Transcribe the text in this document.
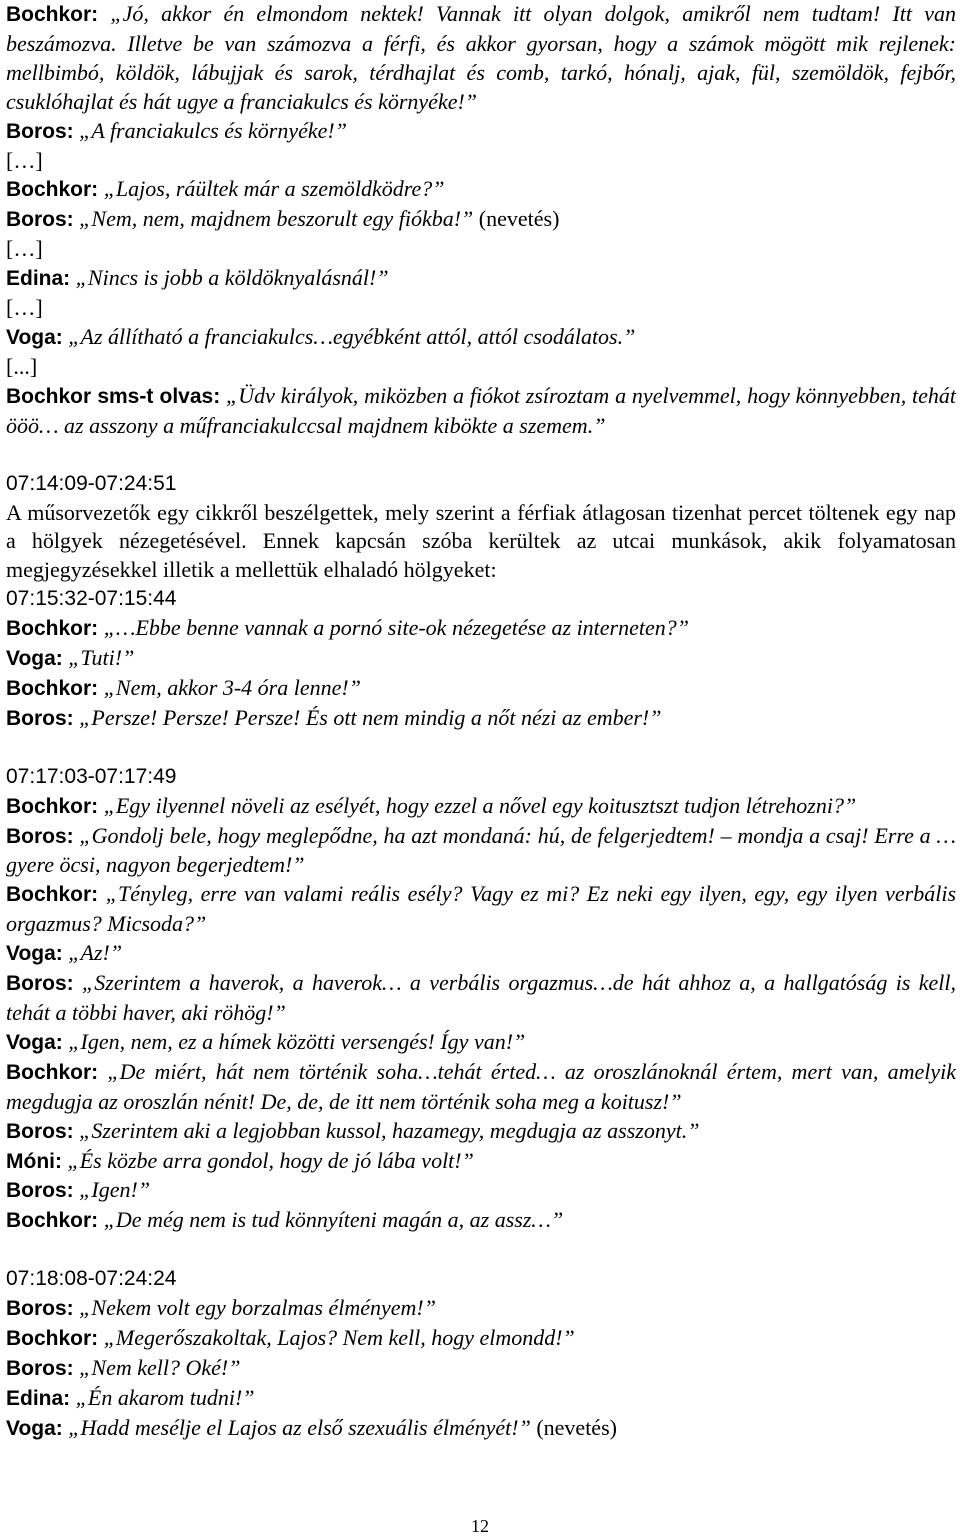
Bochkor: „Jó, akkor én elmondom nektek! Vannak itt olyan dolgok, amikről nem tudtam! Itt van beszámozva. Illetve be van számozva a férfi, és akkor gyorsan, hogy a számok mögött mik rejlenek: mellbimbó, köldök, lábujjak és sarok, térdhajlat és comb, tarkó, hónalj, ajak, fül, szemöldök, fejbőr, csuklóhajlat és hát ugye a franciakulcs és környéke!”
Boros: „A franciakulcs és környéke!”
[…]
Bochkor: „Lajos, ráültek már a szemöldködre?”
Boros: „Nem, nem, majdnem beszorult egy fiókba!” (nevetés)
[…]
Edina: „Nincs is jobb a köldöknyalásnál!”
[…]
Voga: „Az állítható a franciakulcs…egyébként attól, attól csodálatos.”
[...]
Bochkor sms-t olvas: „Üdv királyok, miközben a fiókot zsíroztam a nyelvemmel, hogy könnyebben, tehát ööö… az asszony a műfranciakulccsal majdnem kibökte a szemem.”
07:14:09-07:24:51
A műsorvezetők egy cikkről beszélgettek, mely szerint a férfiak átlagosan tizenhat percet töltenek egy nap a hölgyek nézegetésével. Ennek kapcsán szóba kerültek az utcai munkások, akik folyamatosan megjegyzésekkel illetik a mellettük elhaladó hölgyeket:
07:15:32-07:15:44
Bochkor: „…Ebbe benne vannak a pornó site-ok nézegetése az interneten?”
Voga: „Tuti!”
Bochkor: „Nem, akkor 3-4 óra lenne!”
Boros: „Persze! Persze! Persze! És ott nem mindig a nőt nézi az ember!”
07:17:03-07:17:49
Bochkor: „Egy ilyennel növeli az esélyét, hogy ezzel a nővel egy koitusztszt tudjon létrehozni?”
Boros: „Gondolj bele, hogy meglepődne, ha azt mondaná: hú, de felgerjedtem! – mondja a csaj! Erre a …gyere öcsi, nagyon begerjedtem!”
Bochkor: „Tényleg, erre van valami reális esély? Vagy ez mi? Ez neki egy ilyen, egy, egy ilyen verbális orgazmus? Micsoda?”
Voga: „Az!”
Boros: „Szerintem a haverok, a haverok… a verbális orgazmus…de hát ahhoz a, a hallgatóság is kell, tehát a többi haver, aki röhög!”
Voga: „Igen, nem, ez a hímek közötti versengés! Így van!”
Bochkor: „De miért, hát nem történik soha…tehát érted… az oroszlánoknál értem, mert van, amelyik megdugja az oroszlán nénit! De, de, de itt nem történik soha meg a koitusz!”
Boros: „Szerintem aki a legjobban kussol, hazamegy, megdugja az asszonyt.”
Móni: „És közbe arra gondol, hogy de jó lába volt!”
Boros: „Igen!”
Bochkor: „De még nem is tud könnyíteni magán a, az assz…”
07:18:08-07:24:24
Boros: „Nekem volt egy borzalmas élményem!”
Bochkor: „Megerőszakoltak, Lajos? Nem kell, hogy elmondd!”
Boros: „Nem kell? Oké!”
Edina: „Én akarom tudni!”
Voga: „Hadd mesélje el Lajos az első szexuális élményét!” (nevetés)
12
